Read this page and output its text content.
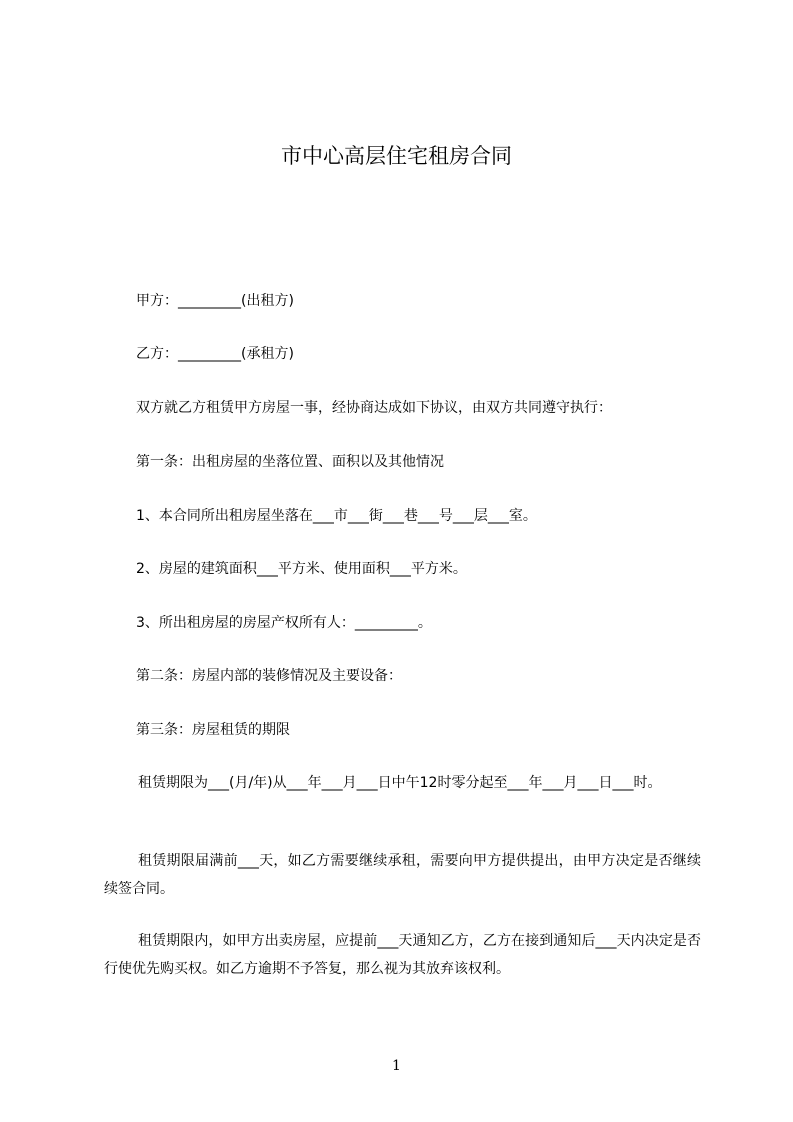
市中心高层住宅租房合同

甲方：_________(出租方)

乙方：_________(承租方)

双方就乙方租赁甲方房屋一事，经协商达成如下协议，由双方共同遵守执行：

第一条：出租房屋的坐落位置、面积以及其他情况

1、本合同所出租房屋坐落在___市___街___巷___号___层___室。

2、房屋的建筑面积___平方米、使用面积___平方米。

3、所出租房屋的房屋产权所有人：_________。

第二条：房屋内部的装修情况及主要设备：

第三条：房屋租赁的期限

租赁期限为___(月/年)从___年___月___日中午12时零分起至___年___月___日___时。

租赁期限届满前___天，如乙方需要继续承租，需要向甲方提供提出，由甲方决定是否继续续签合同。

租赁期限内，如甲方出卖房屋，应提前___天通知乙方，乙方在接到通知后___天内决定是否行使优先购买权。如乙方逾期不予答复，那么视为其放弃该权利。

1
